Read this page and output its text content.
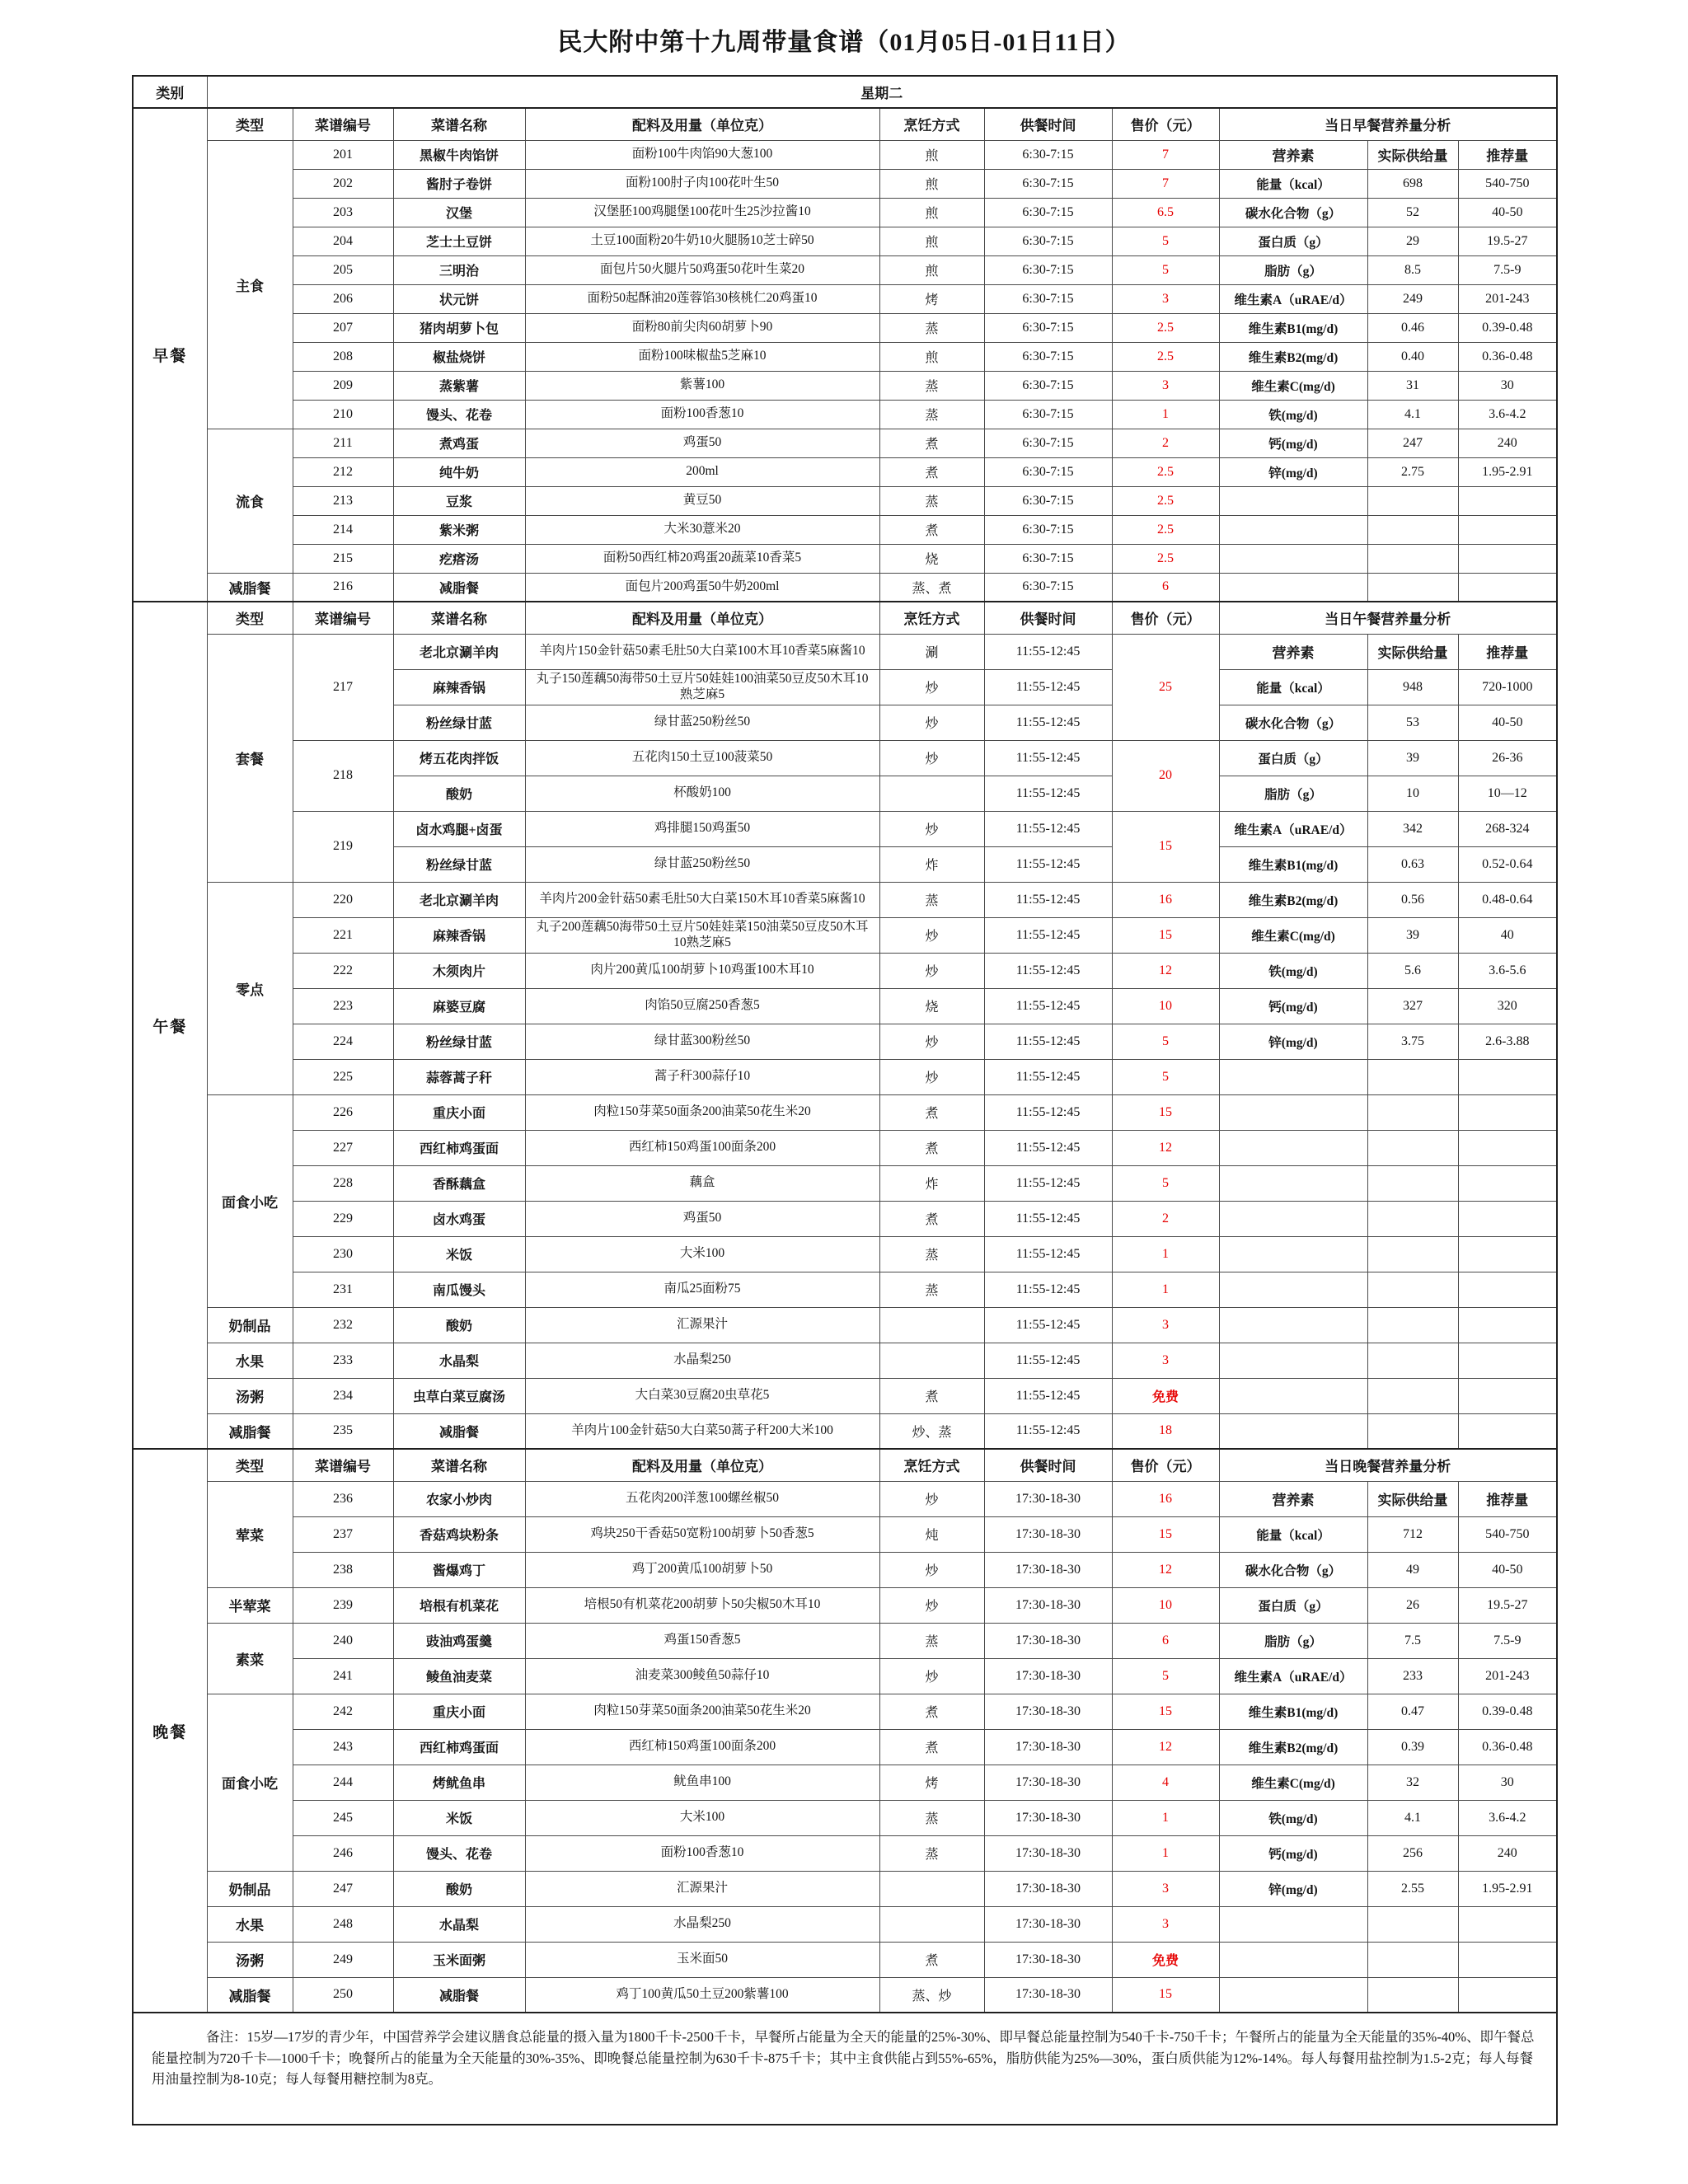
民大附中第十九周带量食谱（01月05日-01日11日）
类别	星期二									
早餐	类型	菜谱编号	菜谱名称	配料及用量（单位克）	烹饪方式	供餐时间	售价（元）	当日早餐营养量分析		
	主食	201	黑椒牛肉馅饼	面粉100牛肉馅90大葱100	煎	6:30-7:15	7	营养素	实际供给量	推荐量
		202	酱肘子卷饼	面粉100肘子肉100花叶生50	煎	6:30-7:15	7	能量（kcal）	698	540-750
		203	汉堡	汉堡胚100鸡腿堡100花叶生25沙拉酱10	煎	6:30-7:15	6.5	碳水化合物（g）	52	40-50
		204	芝士土豆饼	土豆100面粉20牛奶10火腿肠10芝士碎50	煎	6:30-7:15	5	蛋白质（g）	29	19.5-27
		205	三明治	面包片50火腿片50鸡蛋50花叶生菜20	煎	6:30-7:15	5	脂肪（g）	8.5	7.5-9
		206	状元饼	面粉50起酥油20莲蓉馅30核桃仁20鸡蛋10	烤	6:30-7:15	3	维生素A（uRAE/d）	249	201-243
		207	猪肉胡萝卜包	面粉80前尖肉60胡萝卜90	蒸	6:30-7:15	2.5	维生素B1(mg/d)	0.46	0.39-0.48
		208	椒盐烧饼	面粉100味椒盐5芝麻10	煎	6:30-7:15	2.5	维生素B2(mg/d)	0.40	0.36-0.48
		209	蒸紫薯	紫薯100	蒸	6:30-7:15	3	维生素C(mg/d)	31	30
		210	馒头、花卷	面粉100香葱10	蒸	6:30-7:15	1	铁(mg/d)	4.1	3.6-4.2
	流食	211	煮鸡蛋	鸡蛋50	煮	6:30-7:15	2	钙(mg/d)	247	240
		212	纯牛奶	200ml	煮	6:30-7:15	2.5	锌(mg/d)	2.75	1.95-2.91
		213	豆浆	黄豆50	蒸	6:30-7:15	2.5			
		214	紫米粥	大米30薏米20	煮	6:30-7:15	2.5			
		215	疙瘩汤	面粉50西红柿20鸡蛋20蔬菜10香菜5	烧	6:30-7:15	2.5			
	减脂餐	216	减脂餐	面包片200鸡蛋50牛奶200ml	蒸、煮	6:30-7:15	6			
午餐	类型	菜谱编号	菜谱名称	配料及用量（单位克）	烹饪方式	供餐时间	售价（元）	当日午餐营养量分析		
	套餐	217	老北京涮羊肉	羊肉片150金针菇50素毛肚50大白菜100木耳10香菜5麻酱10	涮	11:55-12:45	25	营养素	实际供给量	推荐量
			麻辣香锅	丸子150莲藕50海带50土豆片50娃娃100油菜50豆皮50木耳10熟芝麻5	炒	11:55-12:45		能量（kcal）	948	720-1000
			粉丝绿甘蓝	绿甘蓝250粉丝50	炒	11:55-12:45		碳水化合物（g）	53	40-50
		218	烤五花肉拌饭	五花肉150土豆100菠菜50	炒	11:55-12:45	20	蛋白质（g）	39	26-36
			酸奶	杯酸奶100		11:55-12:45		脂肪（g）	10	10—12
		219	卤水鸡腿+卤蛋	鸡排腿150鸡蛋50	炒	11:55-12:45	15	维生素A（uRAE/d）	342	268-324
			粉丝绿甘蓝	绿甘蓝250粉丝50	炸	11:55-12:45		维生素B1(mg/d)	0.63	0.52-0.64
	零点	220	老北京涮羊肉	羊肉片200金针菇50素毛肚50大白菜150木耳10香菜5麻酱10	蒸	11:55-12:45	16	维生素B2(mg/d)	0.56	0.48-0.64
		221	麻辣香锅	丸子200莲藕50海带50土豆片50娃娃菜150油菜50豆皮50木耳10熟芝麻5	炒	11:55-12:45	15	维生素C(mg/d)	39	40
		222	木须肉片	肉片200黄瓜100胡萝卜10鸡蛋100木耳10	炒	11:55-12:45	12	铁(mg/d)	5.6	3.6-5.6
		223	麻婆豆腐	肉馅50豆腐250香葱5	烧	11:55-12:45	10	钙(mg/d)	327	320
		224	粉丝绿甘蓝	绿甘蓝300粉丝50	炒	11:55-12:45	5	锌(mg/d)	3.75	2.6-3.88
		225	蒜蓉蒿子秆	蒿子秆300蒜仔10	炒	11:55-12:45	5			
	面食小吃	226	重庆小面	肉粒150芽菜50面条200油菜50花生米20	煮	11:55-12:45	15			
		227	西红柿鸡蛋面	西红柿150鸡蛋100面条200	煮	11:55-12:45	12			
		228	香酥藕盒	藕盒	炸	11:55-12:45	5			
		229	卤水鸡蛋	鸡蛋50	煮	11:55-12:45	2			
		230	米饭	大米100	蒸	11:55-12:45	1			
		231	南瓜馒头	南瓜25面粉75	蒸	11:55-12:45	1			
	奶制品	232	酸奶	汇源果汁		11:55-12:45	3			
	水果	233	水晶梨	水晶梨250		11:55-12:45	3			
	汤粥	234	虫草白菜豆腐汤	大白菜30豆腐20虫草花5	煮	11:55-12:45	免费			
	减脂餐	235	减脂餐	羊肉片100金针菇50大白菜50蒿子秆200大米100	炒、蒸	11:55-12:45	18			
晚餐	类型	菜谱编号	菜谱名称	配料及用量（单位克）	烹饪方式	供餐时间	售价（元）	当日晚餐营养量分析		
	荤菜	236	农家小炒肉	五花肉200洋葱100螺丝椒50	炒	17:30-18-30	16	营养素	实际供给量	推荐量
		237	香菇鸡块粉条	鸡块250干香菇50宽粉100胡萝卜50香葱5	炖	17:30-18-30	15	能量（kcal）	712	540-750
		238	酱爆鸡丁	鸡丁200黄瓜100胡萝卜50	炒	17:30-18-30	12	碳水化合物（g）	49	40-50
	半荤菜	239	培根有机菜花	培根50有机菜花200胡萝卜50尖椒50木耳10	炒	17:30-18-30	10	蛋白质（g）	26	19.5-27
	素菜	240	豉油鸡蛋羹	鸡蛋150香葱5	蒸	17:30-18-30	6	脂肪（g）	7.5	7.5-9
		241	鲮鱼油麦菜	油麦菜300鲮鱼50蒜仔10	炒	17:30-18-30	5	维生素A（uRAE/d）	233	201-243
	面食小吃	242	重庆小面	肉粒150芽菜50面条200油菜50花生米20	煮	17:30-18-30	15	维生素B1(mg/d)	0.47	0.39-0.48
		243	西红柿鸡蛋面	西红柿150鸡蛋100面条200	煮	17:30-18-30	12	维生素B2(mg/d)	0.39	0.36-0.48
		244	烤鱿鱼串	鱿鱼串100	烤	17:30-18-30	4	维生素C(mg/d)	32	30
		245	米饭	大米100	蒸	17:30-18-30	1	铁(mg/d)	4.1	3.6-4.2
		246	馒头、花卷	面粉100香葱10	蒸	17:30-18-30	1	钙(mg/d)	256	240
	奶制品	247	酸奶	汇源果汁		17:30-18-30	3	锌(mg/d)	2.55	1.95-2.91
	水果	248	水晶梨	水晶梨250		17:30-18-30	3			
	汤粥	249	玉米面粥	玉米面50	煮	17:30-18-30	免费			
	减脂餐	250	减脂餐	鸡丁100黄瓜50土豆200紫薯100	蒸、炒	17:30-18-30	15			

备注：15岁—17岁的青少年，中国营养学会建议膳食总能量的摄入量为1800千卡-2500千卡，早餐所占能量为全天的能量的25%-30%、即早餐总能量控制为540千卡-750千卡；午餐所占的能量为全天能量的35%-40%、即午餐总能量控制为720千卡—1000千卡；晚餐所占的能量为全天能量的30%-35%、即晚餐总能量控制为630千卡-875千卡；其中主食供能占到55%-65%，脂肪供能为25%—30%，蛋白质供能为12%-14%。每人每餐用盐控制为1.5-2克；每人每餐用油量控制为8-10克；每人每餐用糖控制为8克。										
